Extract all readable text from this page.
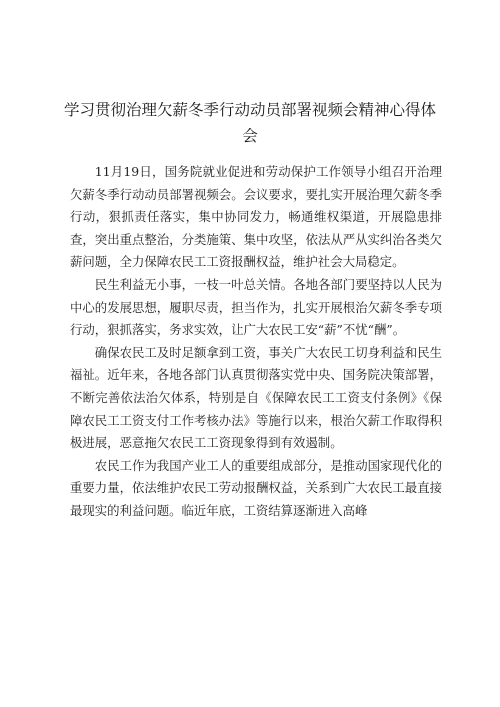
学习贯彻治理欠薪冬季行动动员部署视频会精神心得体会

11月19日，国务院就业促进和劳动保护工作领导小组召开治理欠薪冬季行动动员部署视频会。会议要求，要扎实开展治理欠薪冬季行动，狠抓责任落实，集中协同发力，畅通维权渠道，开展隐患排查，突出重点整治，分类施策、集中攻坚，依法从严从实纠治各类欠薪问题，全力保障农民工工资报酬权益，维护社会大局稳定。

民生利益无小事，一枝一叶总关情。各地各部门要坚持以人民为中心的发展思想，履职尽责，担当作为，扎实开展根治欠薪冬季专项行动，狠抓落实，务求实效，让广大农民工安“薪”不忧“酬”。

确保农民工及时足额拿到工资，事关广大农民工切身利益和民生福祉。近年来，各地各部门认真贯彻落实党中央、国务院决策部署，不断完善依法治欠体系，特别是自《保障农民工工资支付条例》《保障农民工工资支付工作考核办法》等施行以来，根治欠薪工作取得积极进展，恶意拖欠农民工工资现象得到有效遏制。

农民工作为我国产业工人的重要组成部分，是推动国家现代化的重要力量，依法维护农民工劳动报酬权益，关系到广大农民工最直接最现实的利益问题。临近年底，工资结算逐渐进入高峰
